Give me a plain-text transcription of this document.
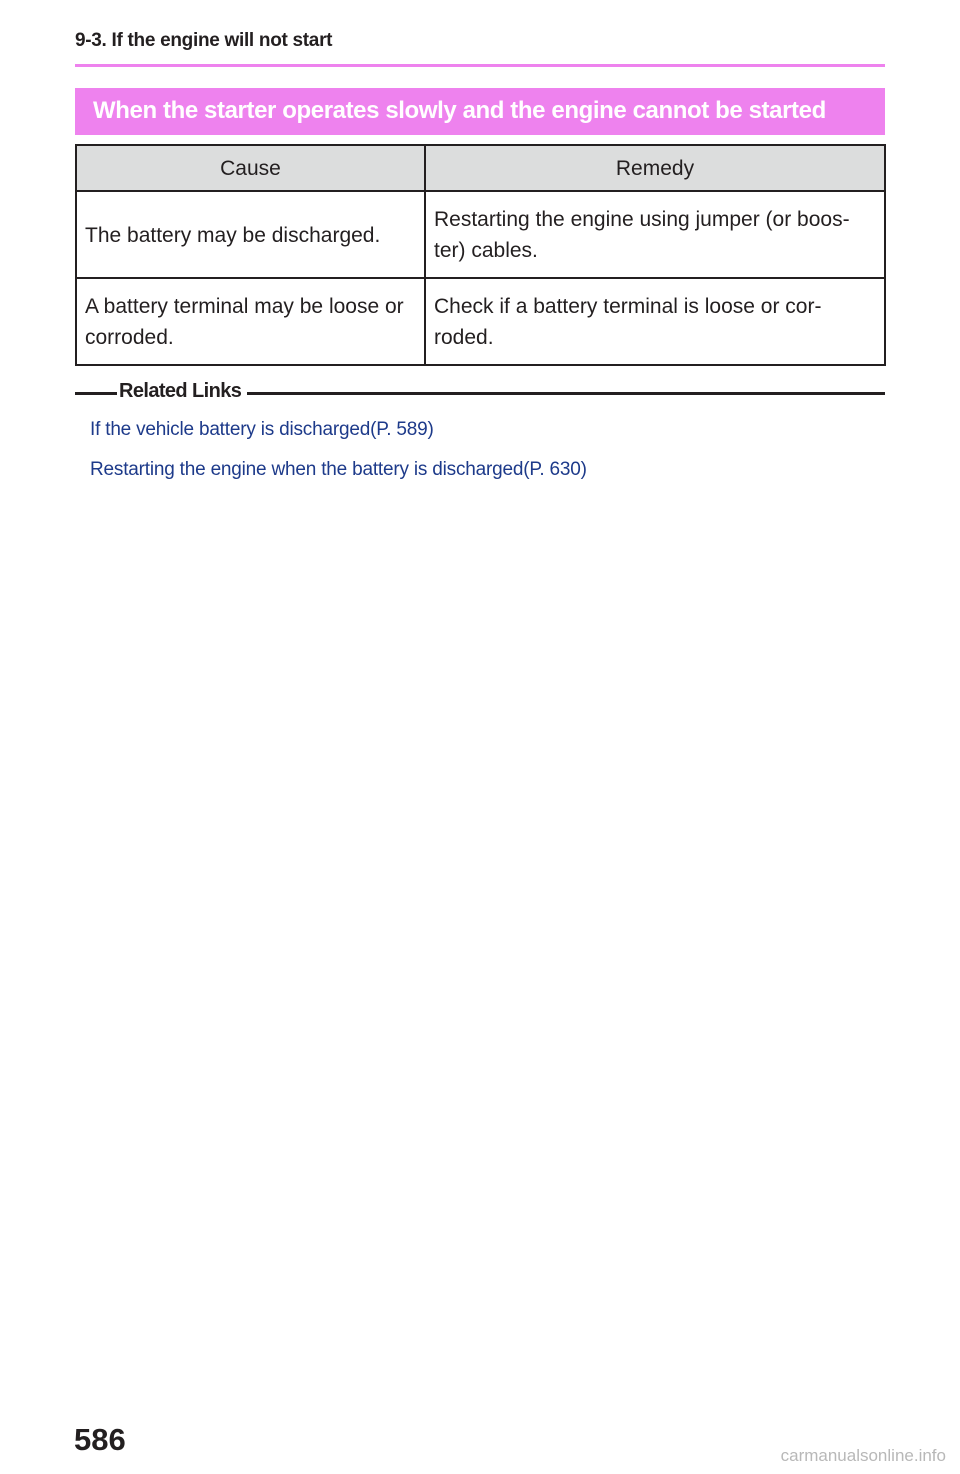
9-3. If the engine will not start
When the starter operates slowly and the engine cannot be started
Cause	Remedy
The battery may be discharged.	Restarting the engine using jumper (or boos-ter) cables.
A battery terminal may be loose or corroded.	Check if a battery terminal is loose or cor-roded.
Related Links
If the vehicle battery is discharged(P. 589)
Restarting the engine when the battery is discharged(P. 630)
586	carmanualsonline.info
